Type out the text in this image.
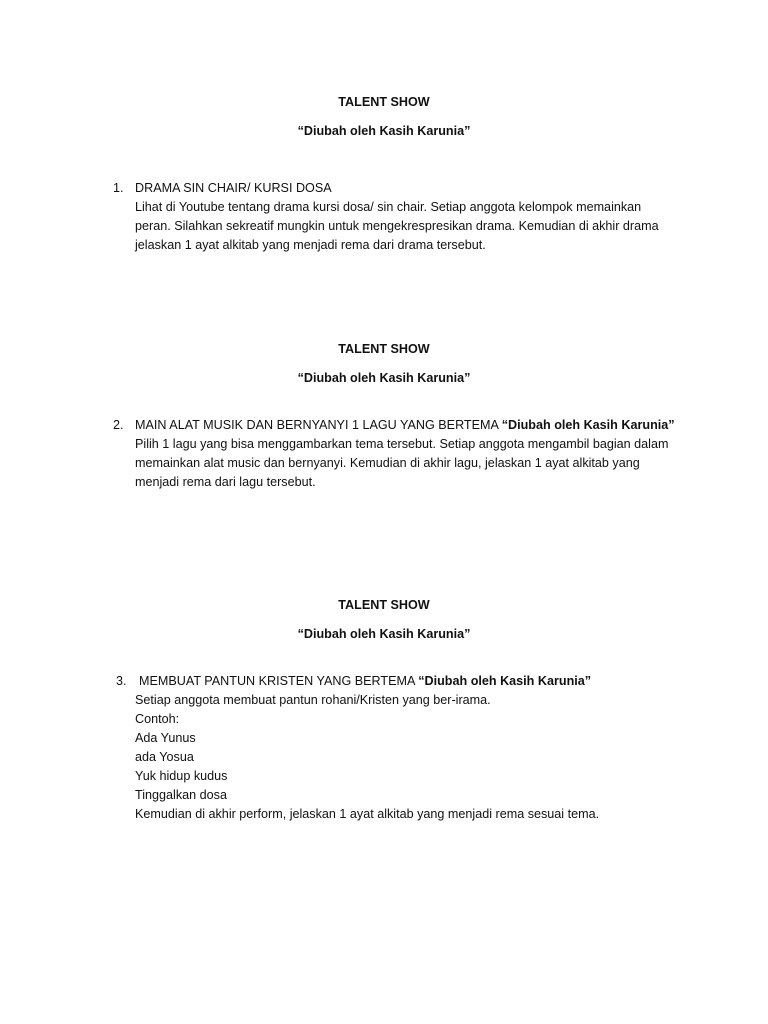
TALENT SHOW
“Diubah oleh Kasih Karunia”
1. DRAMA SIN CHAIR/ KURSI DOSA
Lihat di Youtube tentang drama kursi dosa/ sin chair. Setiap anggota kelompok memainkan
peran. Silahkan sekreatif mungkin untuk mengekrespresikan drama. Kemudian di akhir drama
jelaskan 1 ayat alkitab yang menjadi rema dari drama tersebut.
TALENT SHOW
“Diubah oleh Kasih Karunia”
2. MAIN ALAT MUSIK DAN BERNYANYI 1 LAGU YANG BERTEMA “Diubah oleh Kasih Karunia”
Pilih 1 lagu yang bisa menggambarkan tema tersebut. Setiap anggota mengambil bagian dalam
memainkan alat music dan bernyanyi. Kemudian di akhir lagu, jelaskan 1 ayat alkitab yang
menjadi rema dari lagu tersebut.
TALENT SHOW
“Diubah oleh Kasih Karunia”
3. MEMBUAT PANTUN KRISTEN YANG BERTEMA “Diubah oleh Kasih Karunia”
Setiap anggota membuat pantun rohani/Kristen yang ber-irama.
Contoh:
Ada Yunus
ada Yosua
Yuk hidup kudus
Tinggalkan dosa
Kemudian di akhir perform, jelaskan 1 ayat alkitab yang menjadi rema sesuai tema.
